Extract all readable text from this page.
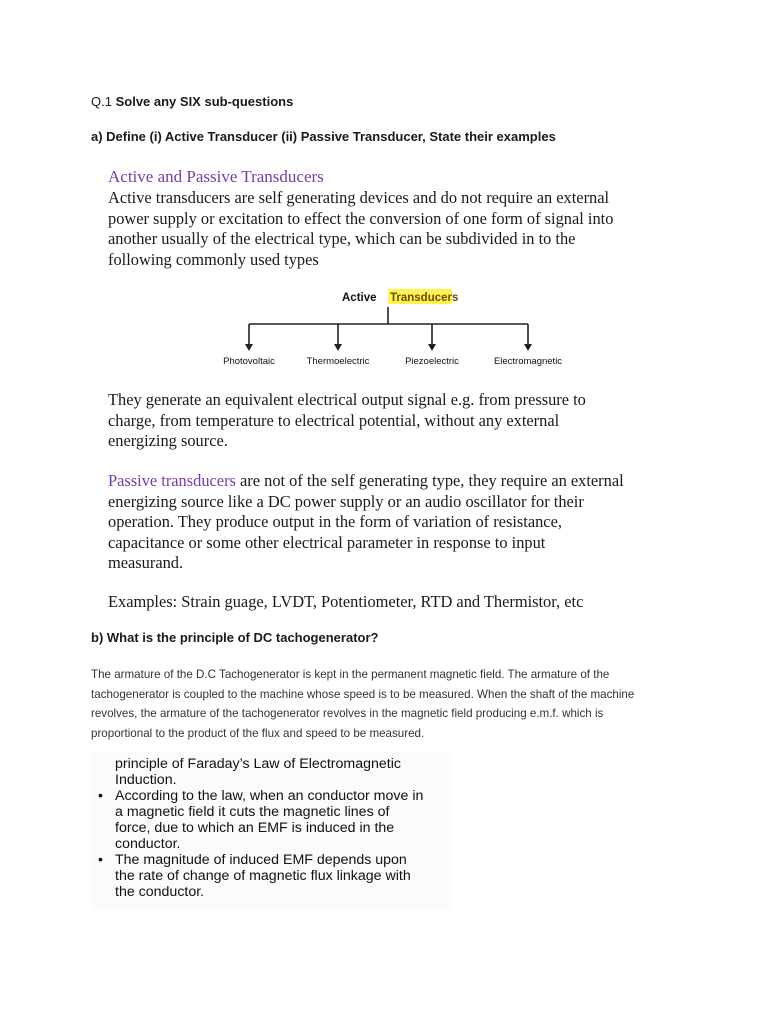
Q.1 Solve any SIX sub-questions
a) Define (i) Active Transducer (ii) Passive Transducer, State their examples
Active and Passive Transducers
Active transducers are self generating devices and do not require an external
power supply or excitation to effect the conversion of one form of signal into
another usually of the electrical type, which can be subdivided in to the
following commonly used types
Active Transducers
Photovoltaic	Thermoelectric	Piezoelectric	Electromagnetic
They generate an equivalent electrical output signal e.g. from pressure to
charge, from temperature to electrical potential, without any external
energizing source.
Passive transducers are not of the self generating type, they require an external
energizing source like a DC power supply or an audio oscillator for their
operation. They produce output in the form of variation of resistance,
capacitance or some other electrical parameter in response to input
measurand.
Examples: Strain guage, LVDT, Potentiometer, RTD and Thermistor, etc
b) What is the principle of DC tachogenerator?
The armature of the D.C Tachogenerator is kept in the permanent magnetic field. The armature of the
tachogenerator is coupled to the machine whose speed is to be measured. When the shaft of the machine
revolves, the armature of the tachogenerator revolves in the magnetic field producing e.m.f. which is
proportional to the product of the flux and speed to be measured.

principle of Faraday’s Law of Electromagnetic
Induction.

• According to the law, when an conductor move in
a magnetic field it cuts the magnetic lines of
force, due to which an EMF is induced in the
conductor.
• The magnitude of induced EMF depends upon
the rate of change of magnetic flux linkage with
the conductor.
